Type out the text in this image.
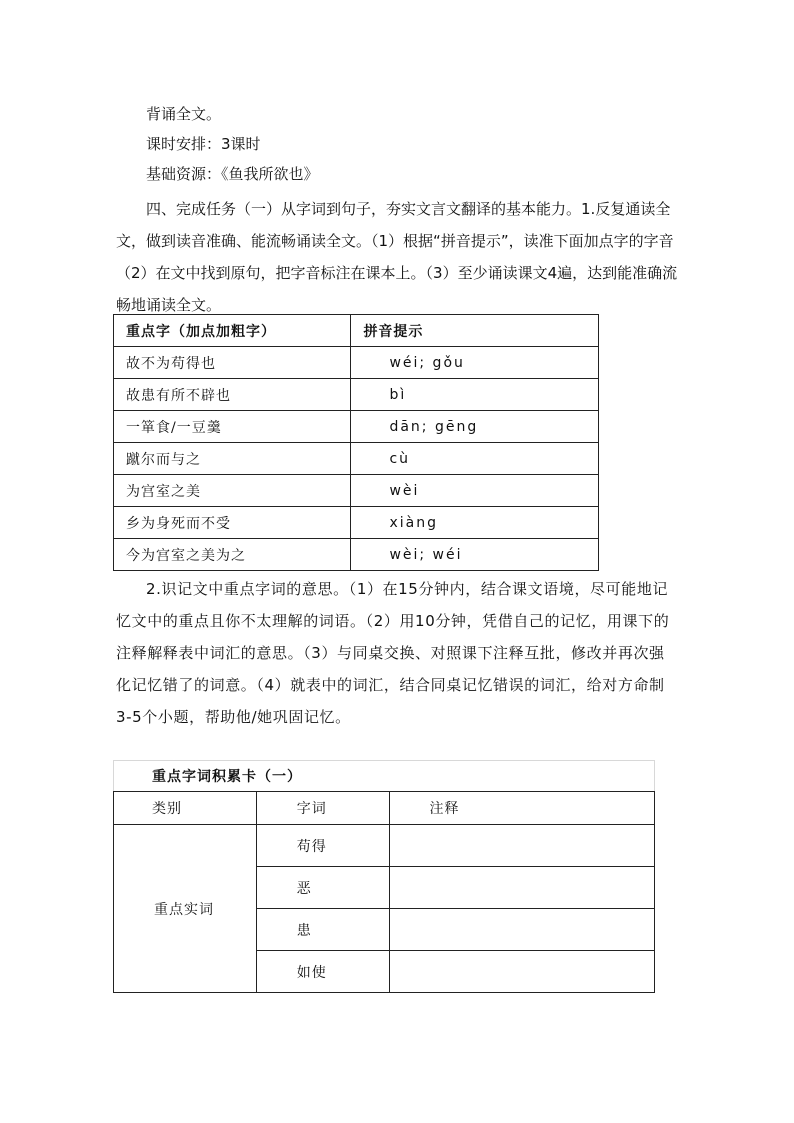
背诵全文。

课时安排：3课时

基础资源：《鱼我所欲也》

四、完成任务（一）从字词到句子，夯实文言文翻译的基本能力。1.反复通读全文，做到读音准确、能流畅诵读全文。（1）根据“拼音提示”，读准下面加点字的字音（2）在文中找到原句，把字音标注在课本上。（3）至少诵读课文4遍，达到能准确流畅地诵读全文。

重点字（加点加粗字）	拼音提示
故不为苟得也	wéi; gǒu
故患有所不辟也	bì
一箪食/一豆羹	dān; gēng
蹴尔而与之	cù
为宫室之美	wèi
乡为身死而不受	xiàng
今为宫室之美为之	wèi; wéi

2.识记文中重点字词的意思。（1）在15分钟内，结合课文语境，尽可能地记忆文中的重点且你不太理解的词语。（2）用10分钟，凭借自己的记忆，用课下的注释解释表中词汇的意思。（3）与同桌交换、对照课下注释互批，修改并再次强化记忆错了的词意。（4）就表中的词汇，结合同桌记忆错误的词汇，给对方命制3-5个小题，帮助他/她巩固记忆。

重点字词积累卡（一）		
类别	字词	注释
重点实词	苟得	
	恶	
	患	
	如使	
